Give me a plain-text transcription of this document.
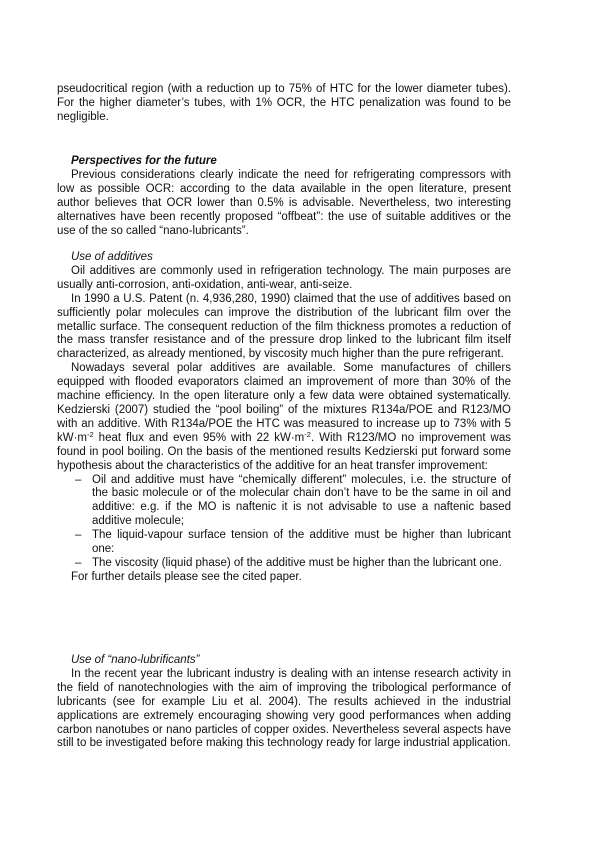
pseudocritical region (with a reduction up to 75% of HTC for the lower diameter tubes). For the higher diameter’s tubes, with 1% OCR, the HTC penalization was found to be negligible.

Perspectives for the future

Previous considerations clearly indicate the need for refrigerating compressors with low as possible OCR: according to the data available in the open literature, present author believes that OCR lower than 0.5% is advisable. Nevertheless, two interesting alternatives have been recently proposed “offbeat”: the use of suitable additives or the use of the so called “nano-lubricants”.

Use of additives

Oil additives are commonly used in refrigeration technology. The main purposes are usually anti-corrosion, anti-oxidation, anti-wear, anti-seize.

In 1990 a U.S. Patent (n. 4,936,280, 1990) claimed that the use of additives based on sufficiently polar molecules can improve the distribution of the lubricant film over the metallic surface. The consequent reduction of the film thickness promotes a reduction of the mass transfer resistance and of the pressure drop linked to the lubricant film itself characterized, as already mentioned, by viscosity much higher than the pure refrigerant.

Nowadays several polar additives are available. Some manufactures of chillers equipped with flooded evaporators claimed an improvement of more than 30% of the machine efficiency. In the open literature only a few data were obtained systematically. Kedzierski (2007) studied the “pool boiling” of the mixtures R134a/POE and R123/MO with an additive. With R134a/POE the HTC was measured to increase up to 73% with 5 $kW\cdot m^{-2}$ heat flux and even 95% with 22 $kW\cdot m^{-2}$. With R123/MO no improvement was found in pool boiling. On the basis of the mentioned results Kedzierski put forward some hypothesis about the characteristics of the additive for an heat transfer improvement:

– Oil and additive must have “chemically different” molecules, i.e. the structure of the basic molecule or of the molecular chain don’t have to be the same in oil and additive: e.g. if the MO is naftenic it is not advisable to use a naftenic based additive molecule;
– The liquid-vapour surface tension of the additive must be higher than lubricant one:
– The viscosity (liquid phase) of the additive must be higher than the lubricant one.

For further details please see the cited paper.

Use of “nano-lubrificants”

In the recent year the lubricant industry is dealing with an intense research activity in the field of nanotechnologies with the aim of improving the tribological performance of lubricants (see for example Liu et al. 2004). The results achieved in the industrial applications are extremely encouraging showing very good performances when adding carbon nanotubes or nano particles of copper oxides. Nevertheless several aspects have still to be investigated before making this technology ready for large industrial application.
